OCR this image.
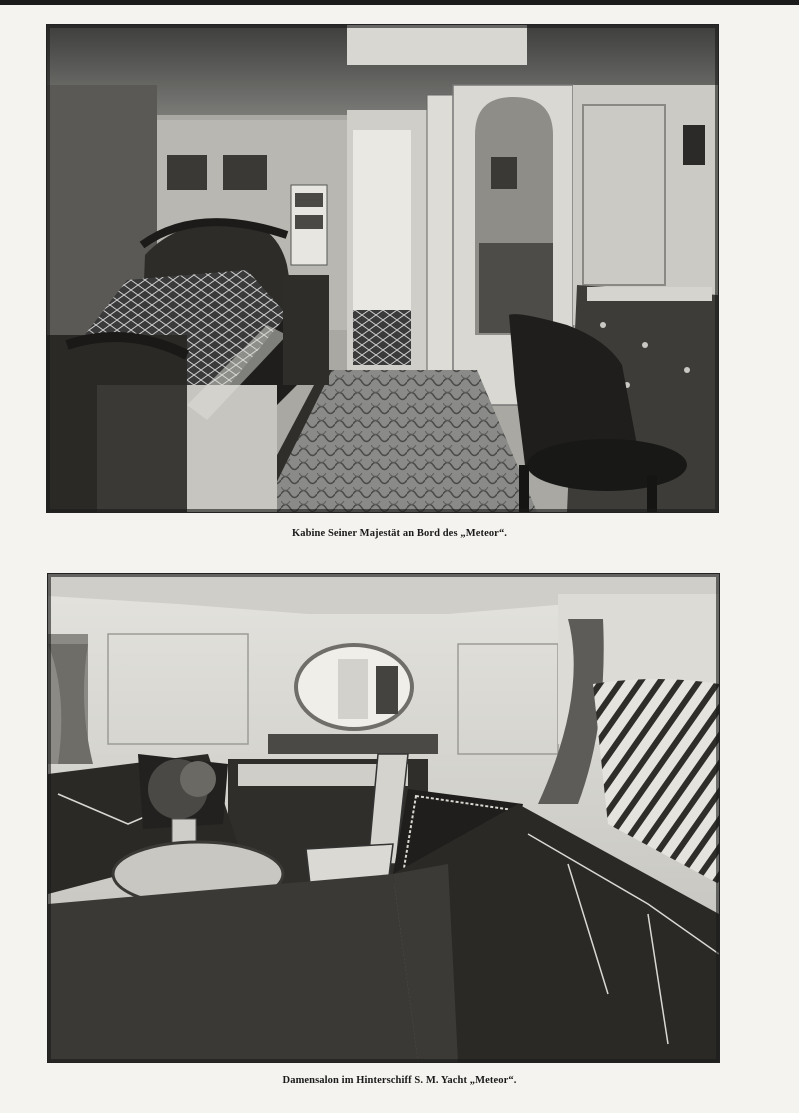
Kabine Seiner Majestät an Bord des „Meteor“.
Damensalon im Hinterschiff S. M. Yacht „Meteor“.
